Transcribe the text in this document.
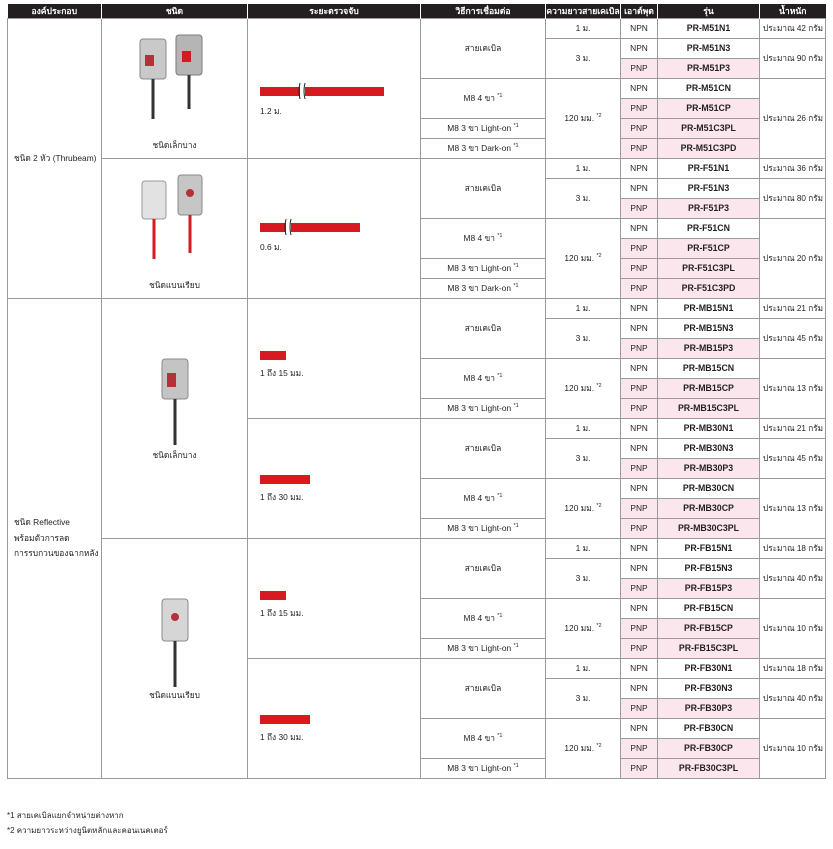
องค์ประกอบ	ชนิด	ระยะตรวจจับ	วิธีการเชื่อมต่อ	ความยาวสายเคเบิล	เอาต์พุต	รุ่น	น้ำหนัก
ชนิด 2 หัว (Thrubeam)	ชนิดเล็กบาง	1.2 ม.	สายเคเบิล	1 ม.	NPN	PR-M51N1	ประมาณ 42 กรัม
				3 ม.	NPN	PR-M51N3	ประมาณ 90 กรัม
					PNP	PR-M51P3	
			M8 4 ขา $^{*1}$	120 มม. $^{*2}$	NPN	PR-M51CN	ประมาณ 26 กรัม
					PNP	PR-M51CP	
			M8 3 ขา Light-on $^{*1}$		PNP	PR-M51C3PL	
			M8 3 ขา Dark-on $^{*1}$		PNP	PR-M51C3PD	

	ชนิดแบนเรียบ	0.6 ม.	สายเคเบิล	1 ม.	NPN	PR-F51N1	ประมาณ 36 กรัม
				3 ม.	NPN	PR-F51N3	ประมาณ 80 กรัม
					PNP	PR-F51P3	
			M8 4 ขา $^{*1}$	120 มม. $^{*2}$	NPN	PR-F51CN	ประมาณ 20 กรัม
					PNP	PR-F51CP	
			M8 3 ขา Light-on $^{*1}$		PNP	PR-F51C3PL	
			M8 3 ขา Dark-on $^{*1}$		PNP	PR-F51C3PD	
ชนิด Reflective
พร้อมตัวการลด
การรบกวนของฉากหลัง	ชนิดเล็กบาง	1 ถึง 15 มม.	สายเคเบิล	1 ม.	NPN	PR-MB15N1	ประมาณ 21 กรัม
				3 ม.	NPN	PR-MB15N3	ประมาณ 45 กรัม
					PNP	PR-MB15P3	
			M8 4 ขา $^{*1}$	120 มม. $^{*2}$	NPN	PR-MB15CN	ประมาณ 13 กรัม
					PNP	PR-MB15CP	
			M8 3 ขา Light-on $^{*1}$		PNP	PR-MB15C3PL	

		1 ถึง 30 มม.	สายเคเบิล	1 ม.	NPN	PR-MB30N1	ประมาณ 21 กรัม
				3 ม.	NPN	PR-MB30N3	ประมาณ 45 กรัม
					PNP	PR-MB30P3	
			M8 4 ขา $^{*1}$	120 มม. $^{*2}$	NPN	PR-MB30CN	ประมาณ 13 กรัม
					PNP	PR-MB30CP	
			M8 3 ขา Light-on $^{*1}$		PNP	PR-MB30C3PL	

	ชนิดแบนเรียบ	1 ถึง 15 มม.	สายเคเบิล	1 ม.	NPN	PR-FB15N1	ประมาณ 18 กรัม
				3 ม.	NPN	PR-FB15N3	ประมาณ 40 กรัม
					PNP	PR-FB15P3	
			M8 4 ขา $^{*1}$	120 มม. $^{*2}$	NPN	PR-FB15CN	ประมาณ 10 กรัม
					PNP	PR-FB15CP	
			M8 3 ขา Light-on $^{*1}$		PNP	PR-FB15C3PL	

		1 ถึง 30 มม.	สายเคเบิล	1 ม.	NPN	PR-FB30N1	ประมาณ 18 กรัม
				3 ม.	NPN	PR-FB30N3	ประมาณ 40 กรัม
					PNP	PR-FB30P3	
			M8 4 ขา $^{*1}$	120 มม. $^{*2}$	NPN	PR-FB30CN	ประมาณ 10 กรัม
					PNP	PR-FB30CP	
			M8 3 ขา Light-on $^{*1}$		PNP	PR-FB30C3PL	
*1 สายเคเบิลแยกจำหน่ายต่างหาก
*2 ความยาวระหว่างยูนิตหลักและคอนเนคเตอร์
